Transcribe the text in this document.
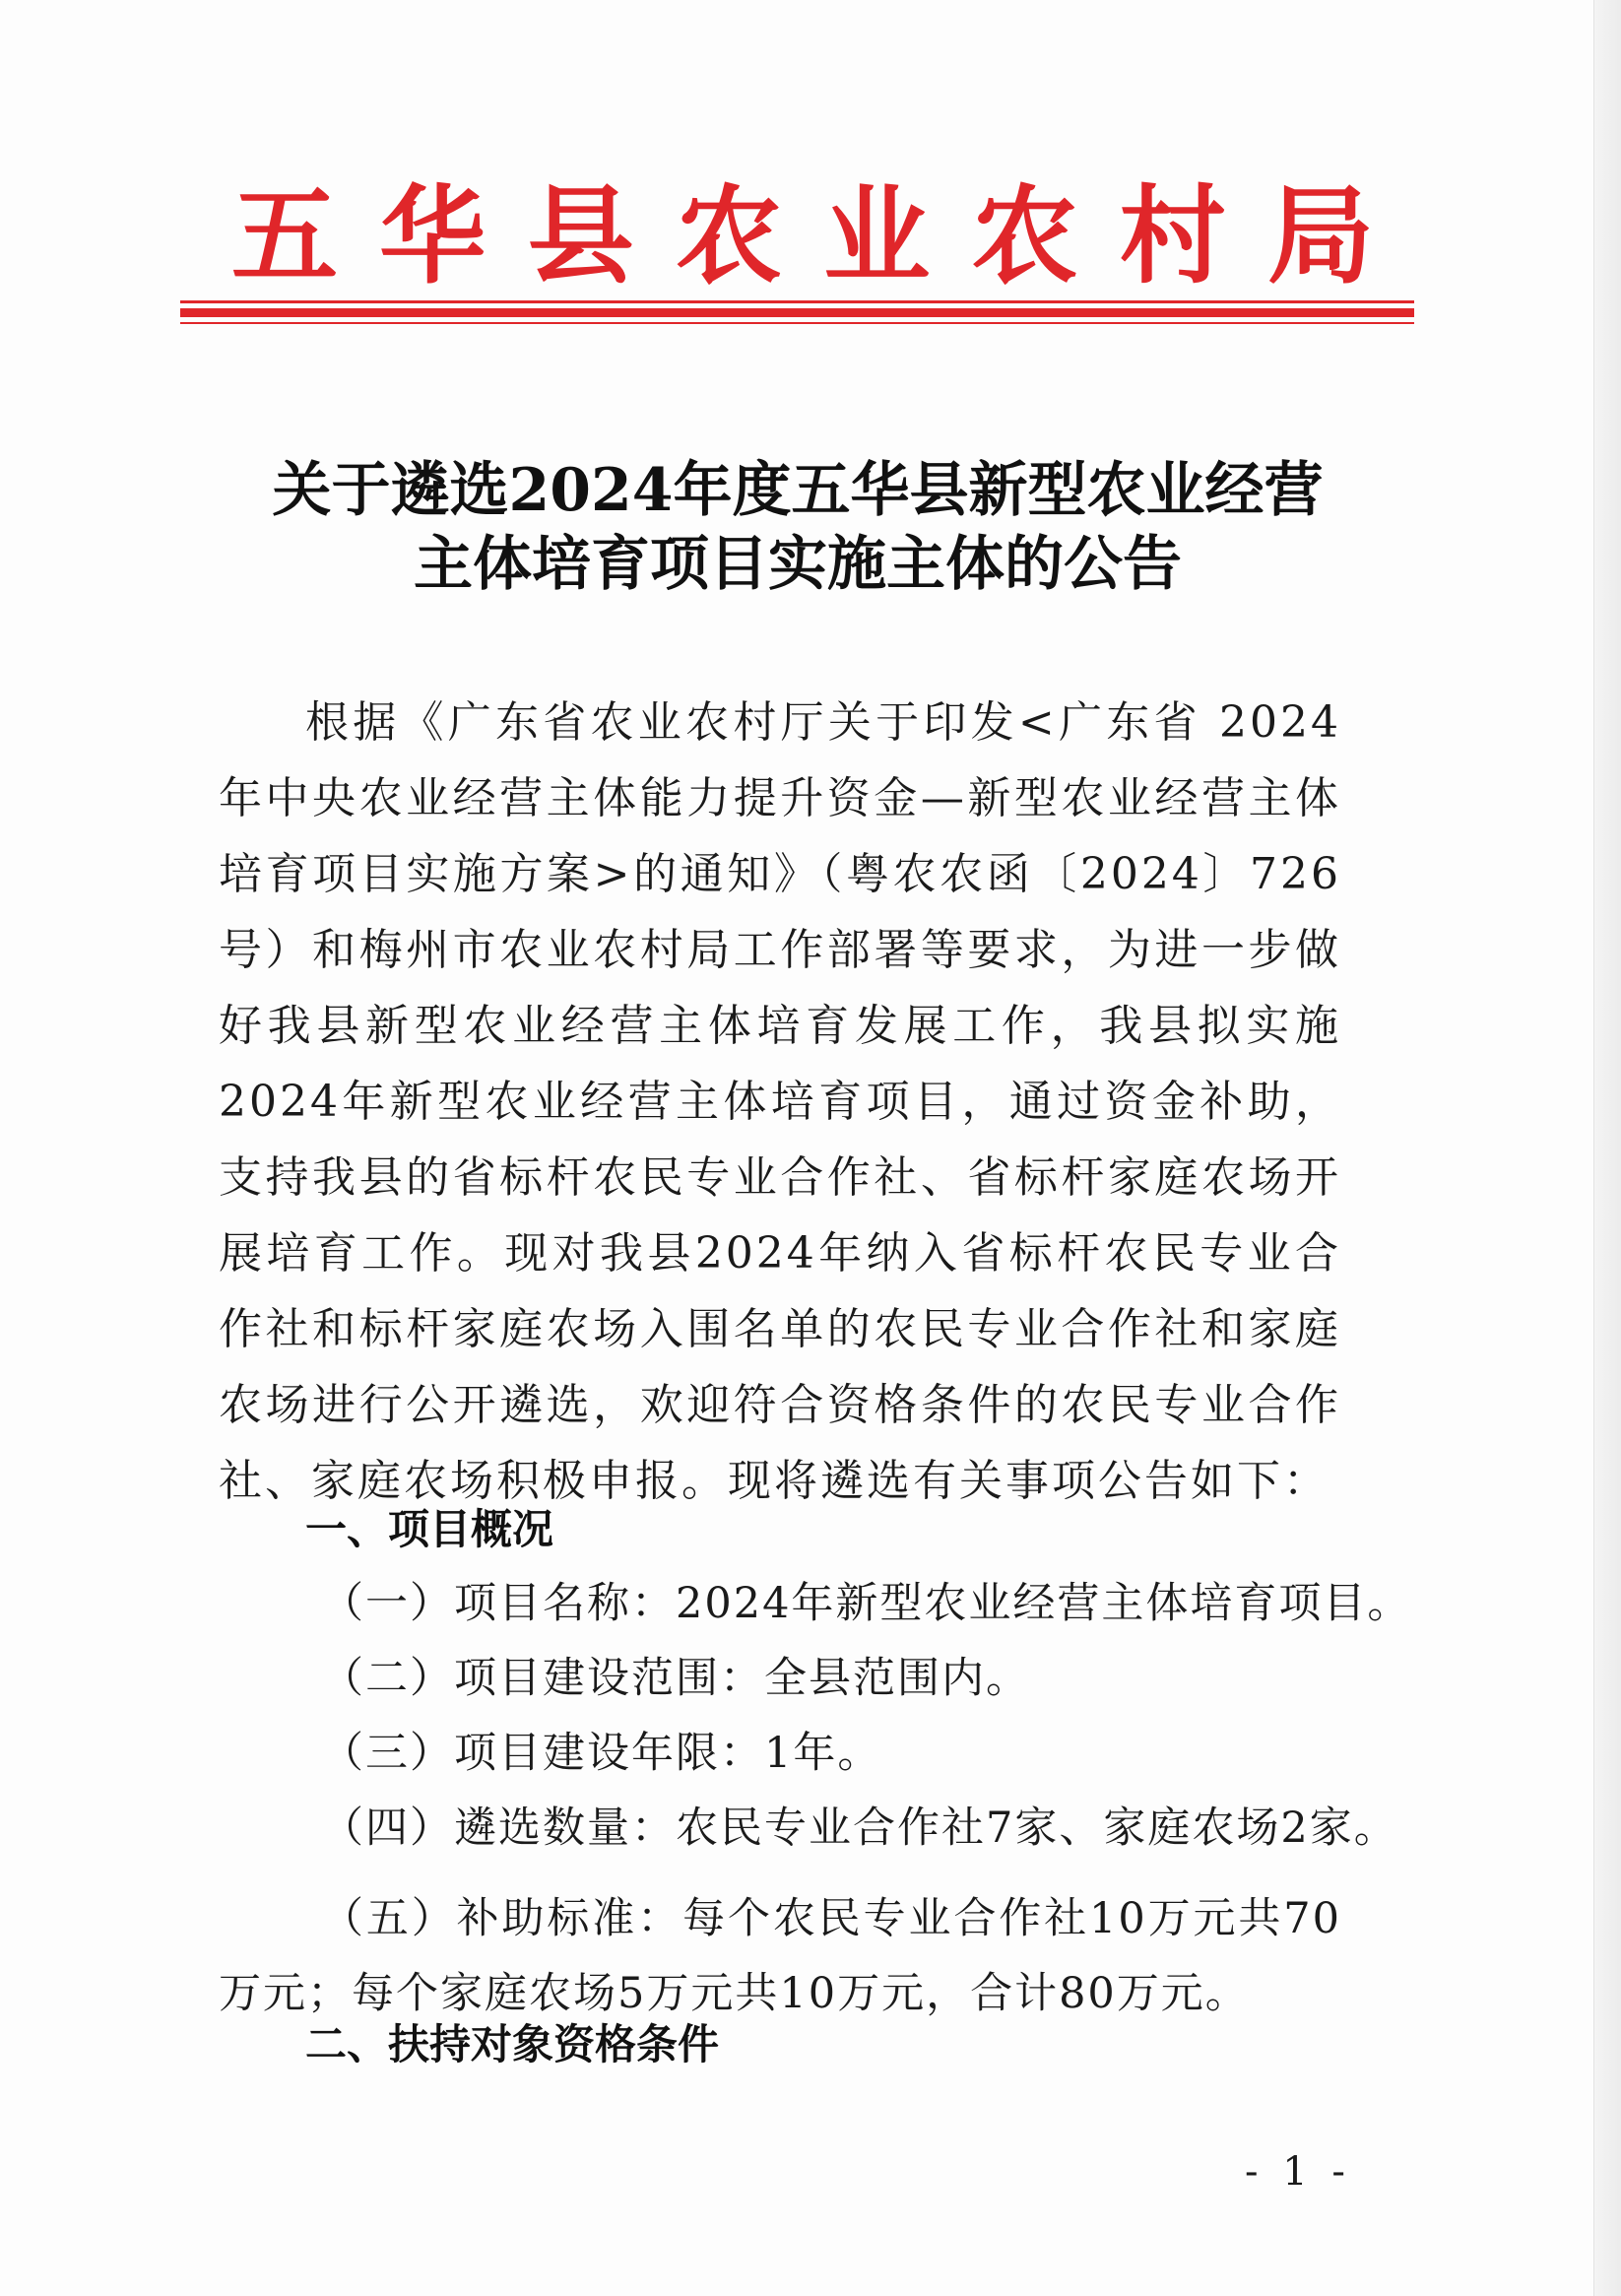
五 华 县 农 业 农 村 局
关于遴选2024年度五华县新型农业经营
主体培育项目实施主体的公告

根据《广东省农业农村厅关于印发<广东省 2024 年中央农业经营主体能力提升资金—新型农业经营主体培育项目实施方案>的通知》（粤农农函〔2024〕726号）和梅州市农业农村局工作部署等要求，为进一步做好我县新型农业经营主体培育发展工作，我县拟实施2024年新型农业经营主体培育项目，通过资金补助，支持我县的省标杆农民专业合作社、省标杆家庭农场开展培育工作。现对我县2024年纳入省标杆农民专业合作社和标杆家庭农场入围名单的农民专业合作社和家庭农场进行公开遴选，欢迎符合资格条件的农民专业合作社、家庭农场积极申报。现将遴选有关事项公告如下：

一、项目概况

（一）项目名称：2024年新型农业经营主体培育项目。

（二）项目建设范围：全县范围内。

（三）项目建设年限：1年。

（四）遴选数量：农民专业合作社7家、家庭农场2家。

（五）补助标准：每个农民专业合作社10万元共70万元；每个家庭农场5万元共10万元，合计80万元。

二、扶持对象资格条件
- 1 -
